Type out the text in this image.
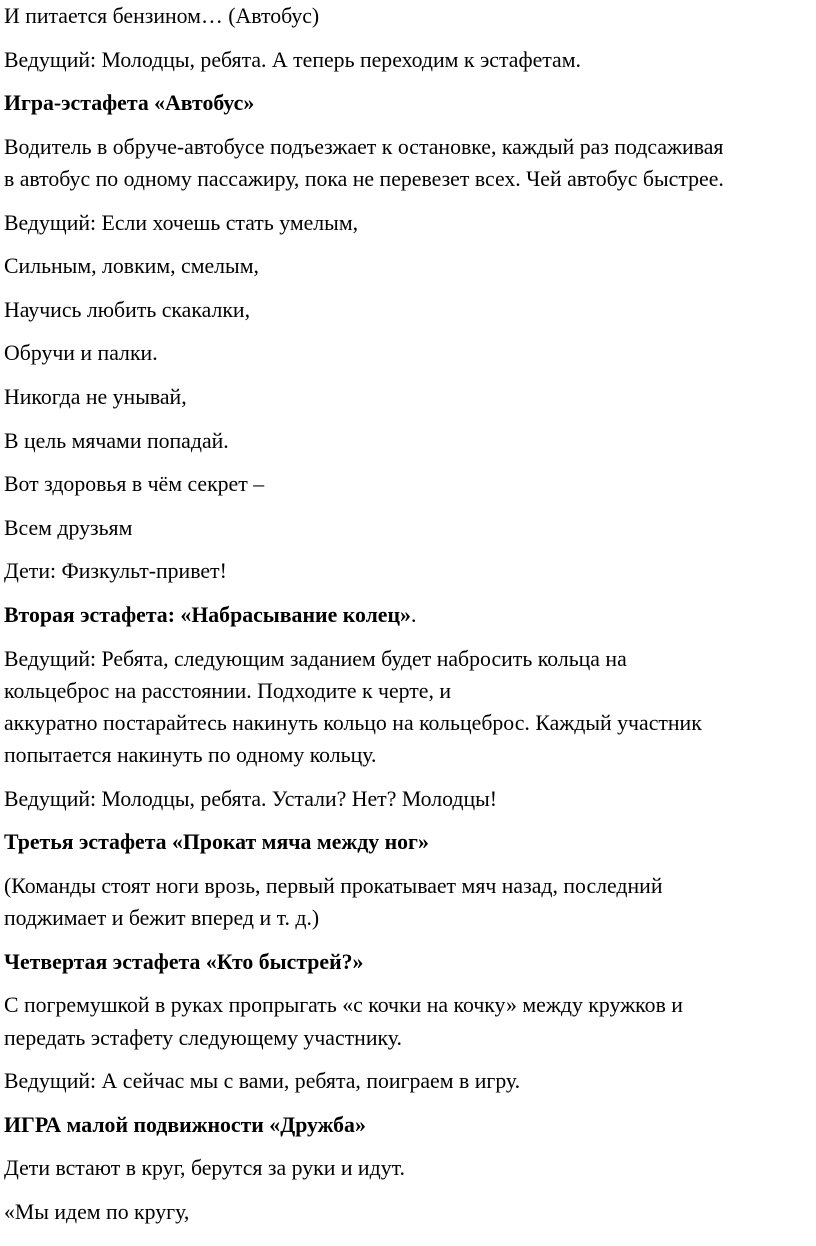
И питается бензином… (Автобус)

Ведущий: Молодцы, ребята. А теперь переходим к эстафетам.

Игра-эстафета «Автобус»

Водитель в обруче-автобусе подъезжает к остановке, каждый раз подсаживая
в автобус по одному пассажиру, пока не перевезет всех. Чей автобус быстрее.

Ведущий: Если хочешь стать умелым,

Сильным, ловким, смелым,

Научись любить скакалки,

Обручи и палки.

Никогда не унывай,

В цель мячами попадай.

Вот здоровья в чём секрет –

Всем друзьям

Дети: Физкульт-привет!

Вторая эстафета: «Набрасывание колец».

Ведущий: Ребята, следующим заданием будет набросить кольца на
кольцеброс на расстоянии. Подходите к черте, и
аккуратно постарайтесь накинуть кольцо на кольцеброс. Каждый участник
попытается накинуть по одному кольцу.

Ведущий: Молодцы, ребята. Устали? Нет? Молодцы!

Третья эстафета «Прокат мяча между ног»

(Команды стоят ноги врозь, первый прокатывает мяч назад, последний
поджимает и бежит вперед и т. д.)

Четвертая эстафета «Кто быстрей?»

С погремушкой в руках пропрыгать «с кочки на кочку» между кружков и
передать эстафету следующему участнику.

Ведущий: А сейчас мы с вами, ребята, поиграем в игру.

ИГРА малой подвижности «Дружба»

Дети встают в круг, берутся за руки и идут.

«Мы идем по кругу,
